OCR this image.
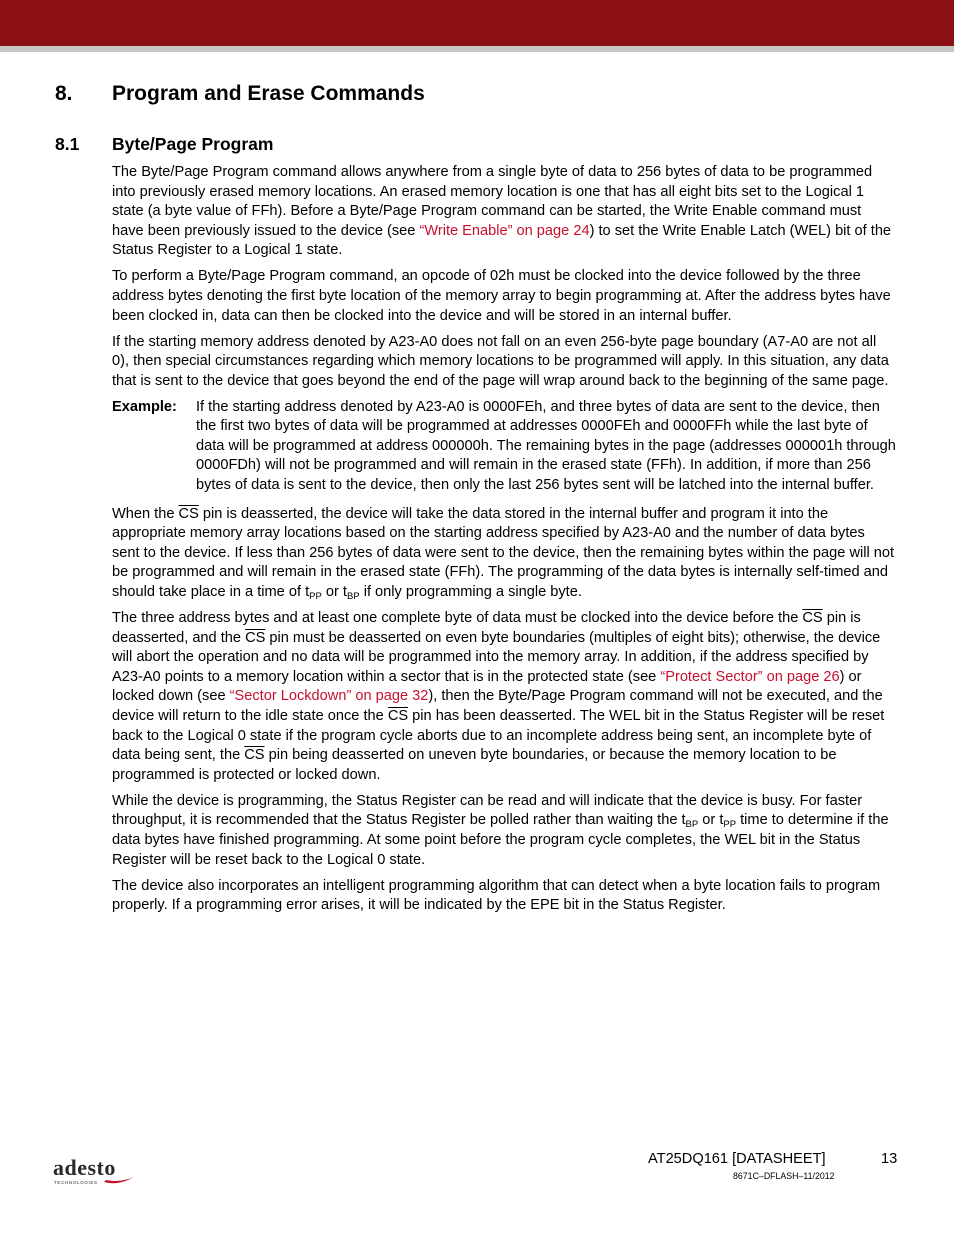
8. Program and Erase Commands
8.1 Byte/Page Program

The Byte/Page Program command allows anywhere from a single byte of data to 256 bytes of data to be programmed into previously erased memory locations. An erased memory location is one that has all eight bits set to the Logical 1 state (a byte value of FFh). Before a Byte/Page Program command can be started, the Write Enable command must have been previously issued to the device (see “Write Enable” on page 24) to set the Write Enable Latch (WEL) bit of the Status Register to a Logical 1 state.

To perform a Byte/Page Program command, an opcode of 02h must be clocked into the device followed by the three address bytes denoting the first byte location of the memory array to begin programming at. After the address bytes have been clocked in, data can then be clocked into the device and will be stored in an internal buffer.

If the starting memory address denoted by A23-A0 does not fall on an even 256-byte page boundary (A7-A0 are not all 0), then special circumstances regarding which memory locations to be programmed will apply. In this situation, any data that is sent to the device that goes beyond the end of the page will wrap around back to the beginning of the same page.

Example:	If the starting address denoted by A23-A0 is 0000FEh, and three bytes of data are sent to the device, then the first two bytes of data will be programmed at addresses 0000FEh and 0000FFh while the last byte of data will be programmed at address 000000h. The remaining bytes in the page (addresses 000001h through 0000FDh) will not be programmed and will remain in the erased state (FFh). In addition, if more than 256 bytes of data is sent to the device, then only the last 256 bytes sent will be latched into the internal buffer.

When the $\overline{CS}$ pin is deasserted, the device will take the data stored in the internal buffer and program it into the appropriate memory array locations based on the starting address specified by A23-A0 and the number of data bytes sent to the device. If less than 256 bytes of data were sent to the device, then the remaining bytes within the page will not be programmed and will remain in the erased state (FFh). The programming of the data bytes is internally self-timed and should take place in a time of $t_{PP}$ or $t_{BP}$ if only programming a single byte.

The three address bytes and at least one complete byte of data must be clocked into the device before the $\overline{CS}$ pin is deasserted, and the $\overline{CS}$ pin must be deasserted on even byte boundaries (multiples of eight bits); otherwise, the device will abort the operation and no data will be programmed into the memory array. In addition, if the address specified by A23-A0 points to a memory location within a sector that is in the protected state (see “Protect Sector” on page 26) or locked down (see “Sector Lockdown” on page 32), then the Byte/Page Program command will not be executed, and the device will return to the idle state once the $\overline{CS}$ pin has been deasserted. The WEL bit in the Status Register will be reset back to the Logical 0 state if the program cycle aborts due to an incomplete address being sent, an incomplete byte of data being sent, the $\overline{CS}$ pin being deasserted on uneven byte boundaries, or because the memory location to be programmed is protected or locked down.

While the device is programming, the Status Register can be read and will indicate that the device is busy. For faster throughput, it is recommended that the Status Register be polled rather than waiting the $t_{BP}$ or $t_{PP}$ time to determine if the data bytes have finished programming. At some point before the program cycle completes, the WEL bit in the Status Register will be reset back to the Logical 0 state.

The device also incorporates an intelligent programming algorithm that can detect when a byte location fails to program properly. If a programming error arises, it will be indicated by the EPE bit in the Status Register.

adesto
TECHNOLOGIES
AT25DQ161 [DATASHEET]	13
8671C–DFLASH–11/2012
